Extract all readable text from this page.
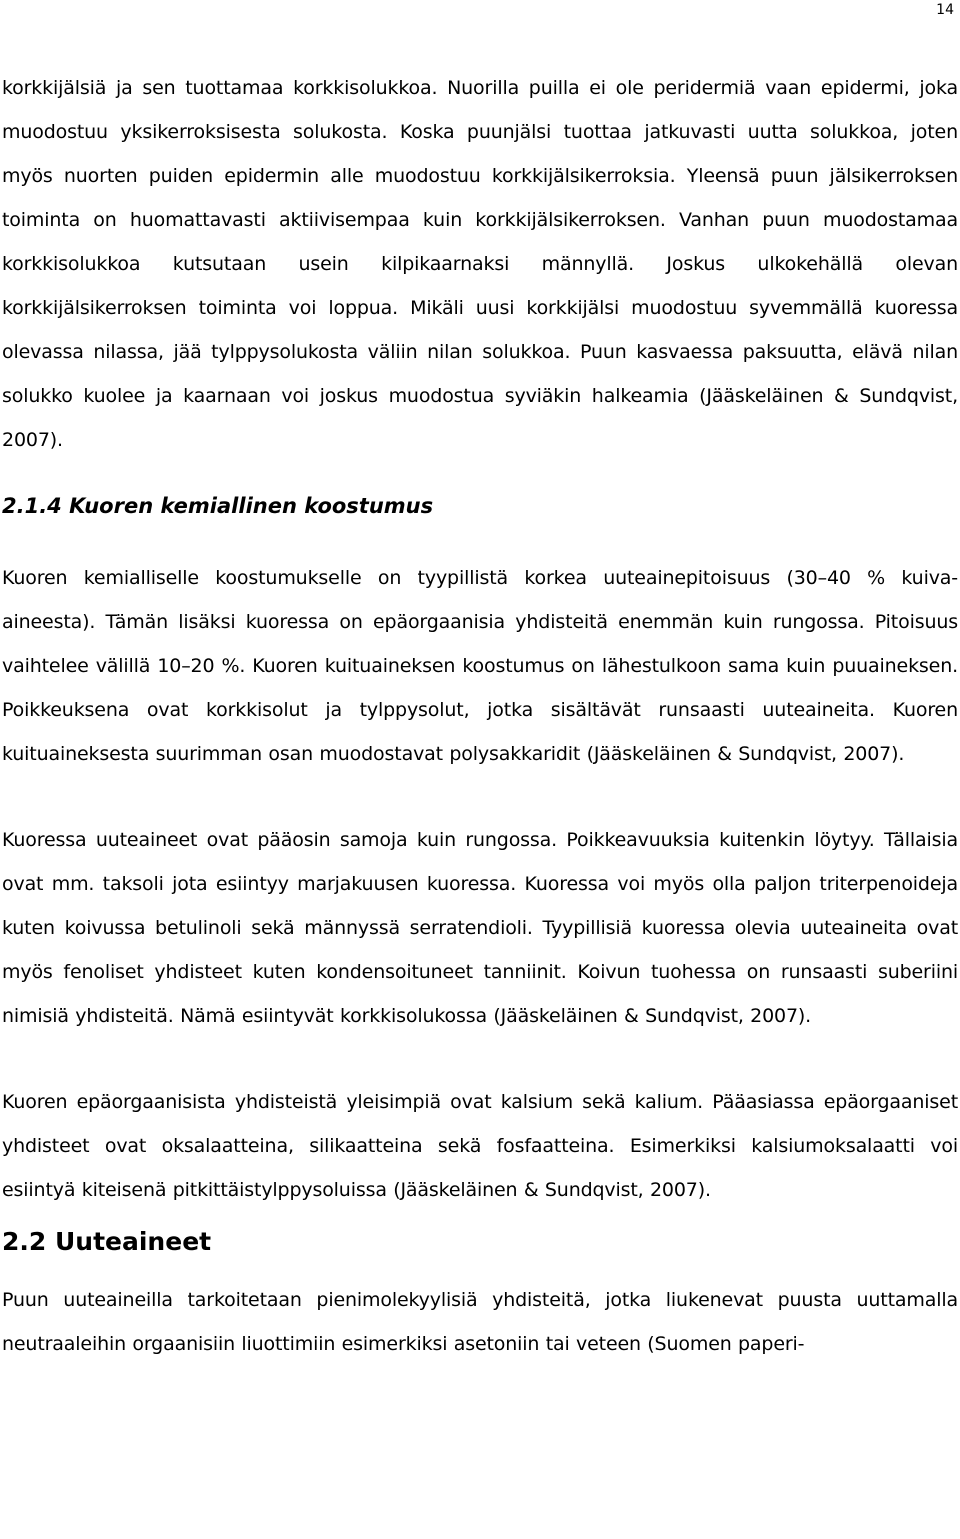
14

korkkijälsiä ja sen tuottamaa korkkisolukkoa. Nuorilla puilla ei ole peridermiä vaan epidermi, joka muodostuu yksikerroksisesta solukosta. Koska puunjälsi tuottaa jatkuvasti uutta solukkoa, joten myös nuorten puiden epidermin alle muodostuu korkkijälsikerroksia. Yleensä puun jälsikerroksen toiminta on huomattavasti aktiivisempaa kuin korkkijälsikerroksen. Vanhan puun muodostamaa korkkisolukkoa kutsutaan usein kilpikaarnaksi männyllä. Joskus ulkokehällä olevan korkkijälsikerroksen toiminta voi loppua. Mikäli uusi korkkijälsi muodostuu syvemmällä kuoressa olevassa nilassa, jää tylppysolukosta väliin nilan solukkoa. Puun kasvaessa paksuutta, elävä nilan solukko kuolee ja kaarnaan voi joskus muodostua syviäkin halkeamia (Jääskeläinen & Sundqvist, 2007).

2.1.4 Kuoren kemiallinen koostumus

Kuoren kemialliselle koostumukselle on tyypillistä korkea uuteainepitoisuus (30–40 % kuiva-aineesta). Tämän lisäksi kuoressa on epäorgaanisia yhdisteitä enemmän kuin rungossa. Pitoisuus vaihtelee välillä 10–20 %. Kuoren kuituaineksen koostumus on lähestulkoon sama kuin puuaineksen. Poikkeuksena ovat korkkisolut ja tylppysolut, jotka sisältävät runsaasti uuteaineita. Kuoren kuituaineksesta suurimman osan muodostavat polysakkaridit (Jääskeläinen & Sundqvist, 2007).

Kuoressa uuteaineet ovat pääosin samoja kuin rungossa. Poikkeavuuksia kuitenkin löytyy. Tällaisia ovat mm. taksoli jota esiintyy marjakuusen kuoressa. Kuoressa voi myös olla paljon triterpenoideja kuten koivussa betulinoli sekä männyssä serratendioli. Tyypillisiä kuoressa olevia uuteaineita ovat myös fenoliset yhdisteet kuten kondensoituneet tanniinit. Koivun tuohessa on runsaasti suberiini nimisiä yhdisteitä. Nämä esiintyvät korkkisolukossa (Jääskeläinen & Sundqvist, 2007).

Kuoren epäorgaanisista yhdisteistä yleisimpiä ovat kalsium sekä kalium. Pääasiassa epäorgaaniset yhdisteet ovat oksalaatteina, silikaatteina sekä fosfaatteina. Esimerkiksi kalsiumoksalaatti voi esiintyä kiteisenä pitkittäistylppysoluissa (Jääskeläinen & Sundqvist, 2007).

2.2 Uuteaineet

Puun uuteaineilla tarkoitetaan pienimolekyylisiä yhdisteitä, jotka liukenevat puusta uuttamalla neutraaleihin orgaanisiin liuottimiin esimerkiksi asetoniin tai veteen (Suomen paperi-
